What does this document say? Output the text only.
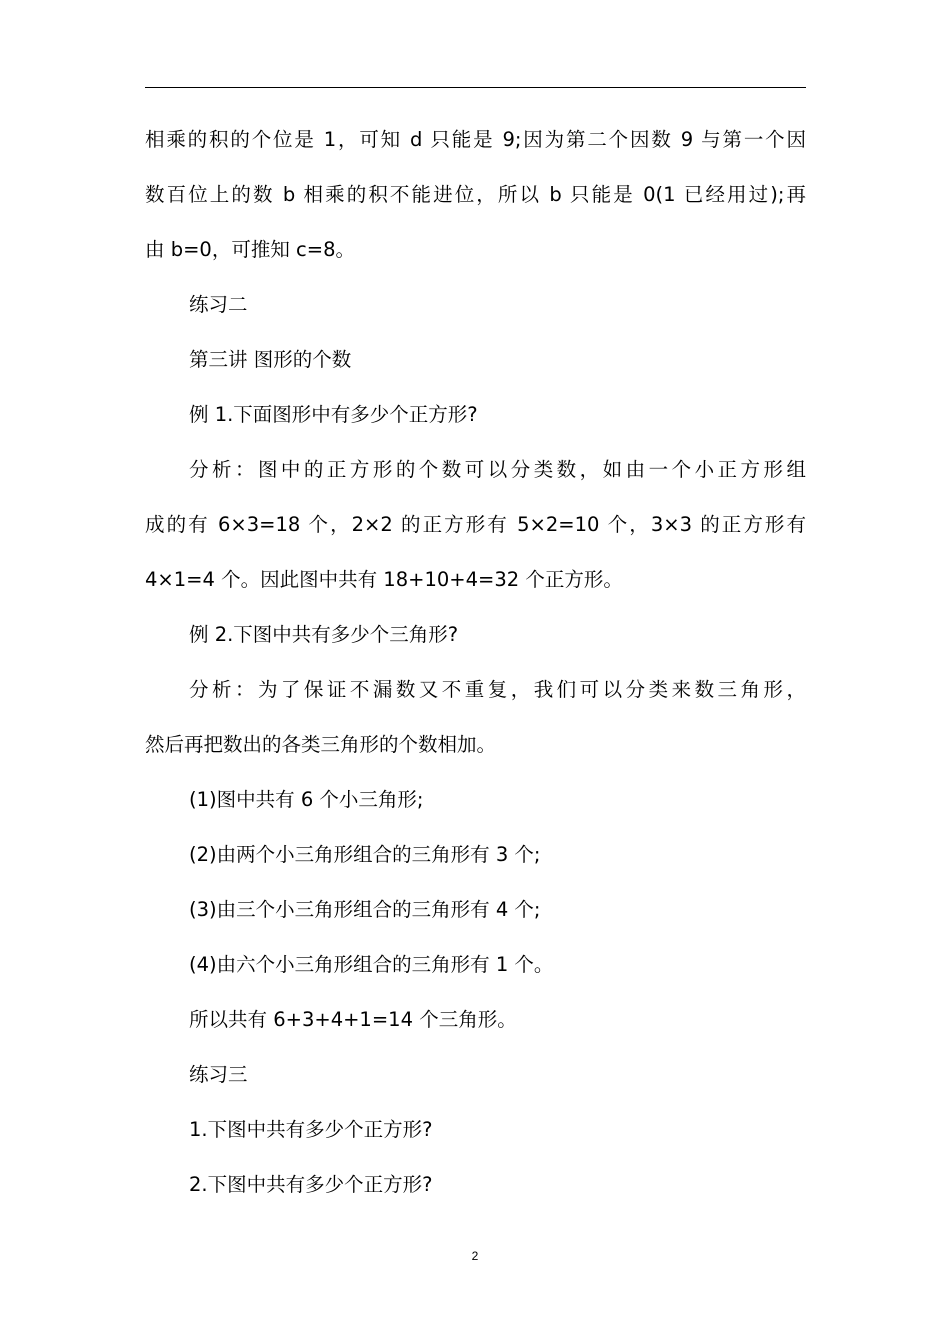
相乘的积的个位是 1，可知 d 只能是 9;因为第二个因数 9 与第一个因
数百位上的数 b 相乘的积不能进位，所以 b 只能是 0(1 已经用过);再
由 b=0，可推知 c=8。
练习二
第三讲 图形的个数
例 1.下面图形中有多少个正方形?
分析：图中的正方形的个数可以分类数，如由一个小正方形组
成的有 6×3=18 个，2×2 的正方形有 5×2=10 个，3×3 的正方形有
4×1=4 个。因此图中共有 18+10+4=32 个正方形。
例 2.下图中共有多少个三角形?
分析：为了保证不漏数又不重复，我们可以分类来数三角形，
然后再把数出的各类三角形的个数相加。
(1)图中共有 6 个小三角形;
(2)由两个小三角形组合的三角形有 3 个;
(3)由三个小三角形组合的三角形有 4 个;
(4)由六个小三角形组合的三角形有 1 个。
所以共有 6+3+4+1=14 个三角形。
练习三
1.下图中共有多少个正方形?
2.下图中共有多少个正方形?
2
